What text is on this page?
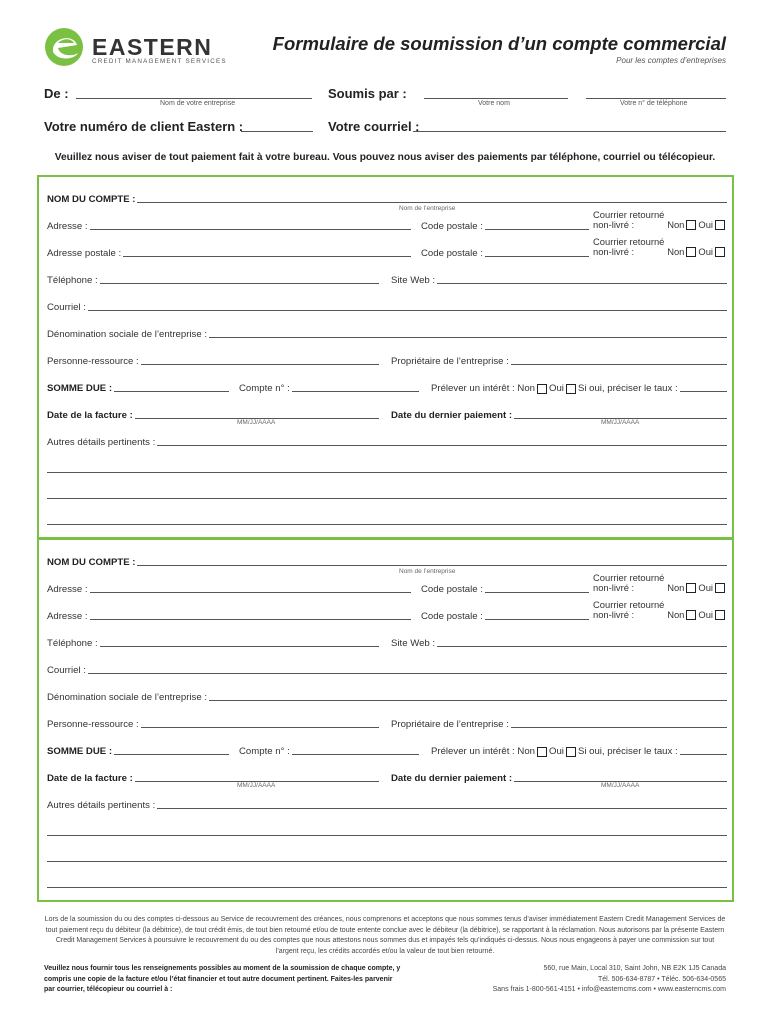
EASTERN
CREDIT MANAGEMENT SERVICES
Formulaire de soumission d’un compte commercial
Pour les comptes d’entreprises
De :
Nom de votre entreprise
Soumis par :
Votre nom	Votre n° de téléphone
Votre numéro de client Eastern :	Votre courriel :
Veuillez nous aviser de tout paiement fait à votre bureau. Vous pouvez nous aviser des paiements par téléphone, courriel ou télécopieur.
NOM DU COMPTE :
Nom de l’entreprise
Adresse :	Code postale :
Courrier retourné
non-livré :	Non Oui
Adresse postale :	Code postale :
Courrier retourné
non-livré :	Non Oui
Téléphone :	Site Web :
Courriel :
Dénomination sociale de l’entreprise :
Personne-ressource :	Propriétaire de l’entreprise :
SOMME DUE :	Compte n° :	Prélever un intérêt : Non Oui Si oui, préciser le taux :
Date de la facture :
MM/JJ/AAAA
Date du dernier paiement :
MM/JJ/AAAA
Autres détails pertinents :
NOM DU COMPTE :
Nom de l’entreprise
Adresse :	Code postale :
Courrier retourné
non-livré :	Non Oui
Adresse :	Code postale :
Courrier retourné
non-livré :	Non Oui
Téléphone :	Site Web :
Courriel :
Dénomination sociale de l’entreprise :
Personne-ressource :	Propriétaire de l’entreprise :
SOMME DUE :	Compte n° :	Prélever un intérêt : Non Oui Si oui, préciser le taux :
Date de la facture :
MM/JJ/AAAA
Date du dernier paiement :
MM/JJ/AAAA
Autres détails pertinents :
Lors de la soumission du ou des comptes ci-dessous au Service de recouvrement des créances, nous comprenons et acceptons que nous sommes tenus d’aviser immédiatement Eastern Credit Management Services de tout paiement reçu du débiteur (la débitrice), de tout crédit émis, de tout bien retourné et/ou de toute entente conclue avec le débiteur (la débitrice), se rapportant à la réclamation. Nous autorisons par la présente Eastern Credit Management Services à poursuivre le recouvrement du ou des comptes que nous attestons nous sommes dus et impayés tels qu’indiqués ci-dessus. Nous nous engageons à payer une commission sur tout l’argent reçu, les crédits accordés et/ou la valeur de tout bien retourné.
Veuillez nous fournir tous les renseignements possibles au moment de la soumission de chaque compte, y compris une copie de la facture et/ou l’état financier et tout autre document pertinent. Faites-les parvenir par courrier, télécopieur ou courriel à :
560, rue Main, Local 310, Saint John, NB E2K 1J5 Canada
Tél. 506-634-8787 • Téléc. 506-634-0565
Sans frais 1-800-561-4151 • info@easterncms.com • www.easterncms.com
